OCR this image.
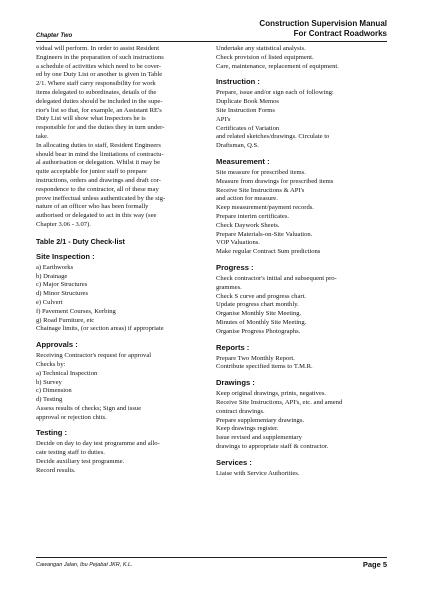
Chapter Two
Construction Supervision Manual
For Contract Roadworks

vidual will perform. In order to assist Resident
Engineers in the preparation of such instructions
a schedule of activities which need to be cover-
ed by one Duty List or another is given in Table
2/1. Where staff carry responsibility for work
items delegated to subordinates, details of the
delegated duties should be included in the supe-
rior's list so that, for example, an Assistant RE's
Duty List will show what Inspectors he is
responsible for and the duties they in turn under-
take.

In allocating duties to staff, Resident Engineers
should bear in mind the limitations of contractu-
al authorisation or delegation. Whilst it may be
quite acceptable for junior staff to prepare
instructions, orders and drawings and draft cor-
respondence to the contractor, all of these may
prove ineffectual unless authenticated by the sig-
nature of an officer who has been formally
authorised or delegated to act in this way (see
Chapter 3.06 - 3.07).

Table 2/1 - Duty Check-list
Site Inspection :

a) Earthworks
b) Drainage
c) Major Structures
d) Minor Structures
e) Culvert
f) Pavement Courses, Kerbing
g) Road Furniture, etc
Chainage limits, (or section areas) if appropriate

Approvals :

Receiving Contractor's request for approval
Checks by:
a) Technical Inspection
b) Survey
c) Dimension
d) Testing
Assess results of checks; Sign and issue
approval or rejection chits.

Testing :

Decide on day to day test programme and allo-
cate testing staff to duties.
Decide auxiliary test programme.
Record results.

Undertake any statistical analysis.
Check provision of listed equipment.
Care, maintenance, replacement of equipment.

Instruction :

Prepare, issue and/or sign each of following:
Duplicate Book Memos
Site Instruction Forms
API's
Certificates of Variation
and related sketches/drawings. Circulate to
Draftsman, Q.S.

Measurement :

Site measure for prescribed items.
Measure from drawings for prescribed items
Receive Site Instructions & API's
and action for measure.
Keep measurement/payment records.
Prepare interim certificates.
Check Daywork Sheets.
Prepare Materials-on-Site Valuation.
VOP Valuations.
Make regular Contract Sum predictions

Progress :

Check contractor's initial and subsequent pro-
grammes.
Check S curve and progress chart.
Update progress chart monthly.
Organise Monthly Site Meeting.
Minutes of Monthly Site Meeting.
Organise Progress Photographs.

Reports :

Prepare Two Monthly Report.
Contribute specified items to T.M.R.

Drawings :

Keep original drawings, prints, negatives.
Receive Site Instructions, API's, etc. and amend
contract drawings.
Prepare supplementary drawings.
Keep drawings register.
Issue revised and supplementary
drawings to appropriate staff & contractor.

Services :

Liaise with Service Authorities.

Cawangan Jalan, Ibu Pejabat JKR, K.L.	Page 5
